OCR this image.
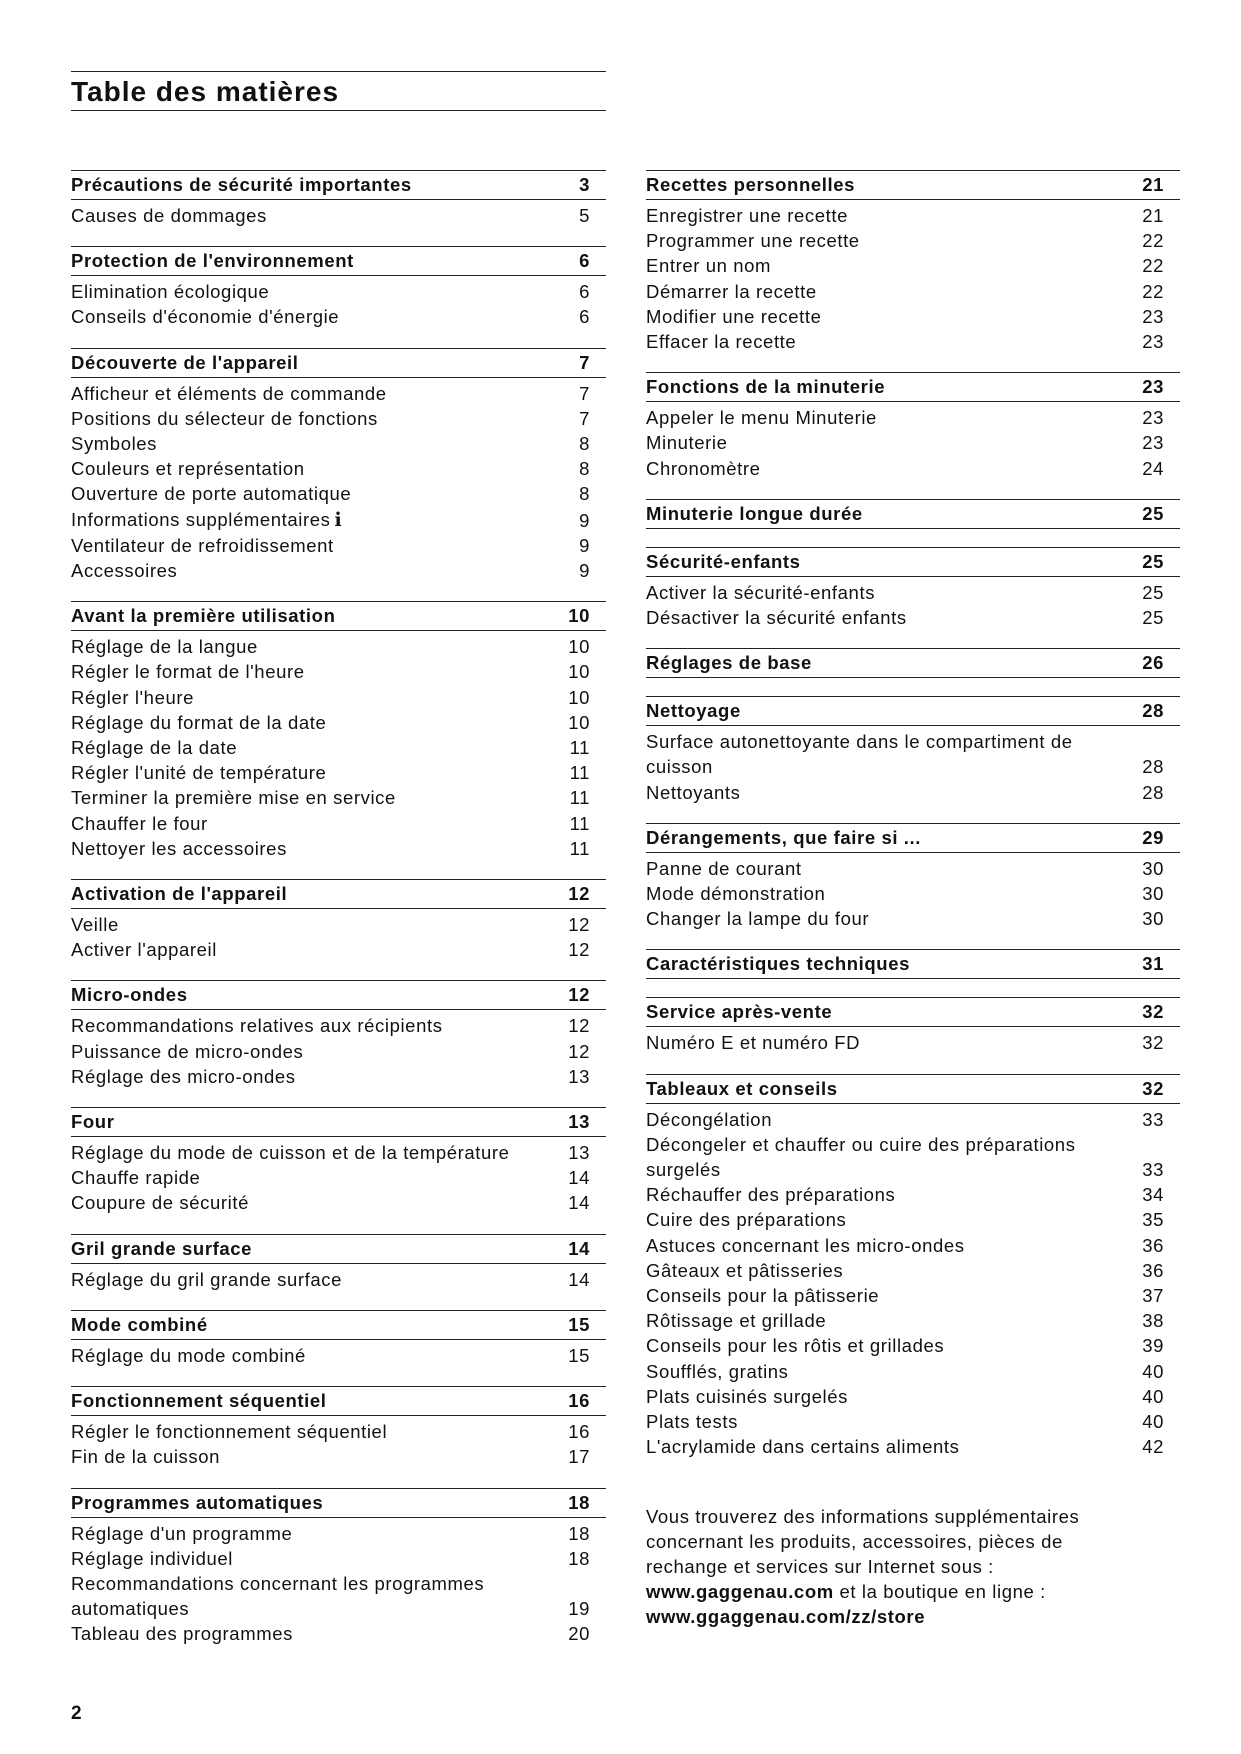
Table des matières
Précautions de sécurité importantes	3
Causes de dommages	5
Protection de l'environnement	6
Elimination écologique	6
Conseils d'économie d'énergie	6
Découverte de l'appareil	7
Afficheur et éléments de commande	7
Positions du sélecteur de fonctions	7
Symboles	8
Couleurs et représentation	8
Ouverture de porte automatique	8
Informations supplémentaires i	9
Ventilateur de refroidissement	9
Accessoires	9
Avant la première utilisation	10
Réglage de la langue	10
Régler le format de l'heure	10
Régler l'heure	10
Réglage du format de la date	10
Réglage de la date	11
Régler l'unité de température	11
Terminer la première mise en service	11
Chauffer le four	11
Nettoyer les accessoires	11
Activation de l'appareil	12
Veille	12
Activer l'appareil	12
Micro-ondes	12
Recommandations relatives aux récipients	12
Puissance de micro-ondes	12
Réglage des micro-ondes	13
Four	13
Réglage du mode de cuisson et de la température	13
Chauffe rapide	14
Coupure de sécurité	14
Gril grande surface	14
Réglage du gril grande surface	14
Mode combiné	15
Réglage du mode combiné	15
Fonctionnement séquentiel	16
Régler le fonctionnement séquentiel	16
Fin de la cuisson	17
Programmes automatiques	18
Réglage d'un programme	18
Réglage individuel	18
Recommandations concernant les programmes automatiques	19
Tableau des programmes	20
Recettes personnelles	21
Enregistrer une recette	21
Programmer une recette	22
Entrer un nom	22
Démarrer la recette	22
Modifier une recette	23
Effacer la recette	23
Fonctions de la minuterie	23
Appeler le menu Minuterie	23
Minuterie	23
Chronomètre	24
Minuterie longue durée	25
Sécurité-enfants	25
Activer la sécurité-enfants	25
Désactiver la sécurité enfants	25
Réglages de base	26
Nettoyage	28
Surface autonettoyante dans le compartiment de cuisson	28
Nettoyants	28
Dérangements, que faire si ...	29
Panne de courant	30
Mode démonstration	30
Changer la lampe du four	30
Caractéristiques techniques	31
Service après-vente	32
Numéro E et numéro FD	32
Tableaux et conseils	32
Décongélation	33
Décongeler et chauffer ou cuire des préparations surgelés	33
Réchauffer des préparations	34
Cuire des préparations	35
Astuces concernant les micro-ondes	36
Gâteaux et pâtisseries	36
Conseils pour la pâtisserie	37
Rôtissage et grillade	38
Conseils pour les rôtis et grillades	39
Soufflés, gratins	40
Plats cuisinés surgelés	40
Plats tests	40
L'acrylamide dans certains aliments	42
Vous trouverez des informations supplémentaires concernant les produits, accessoires, pièces de rechange et services sur Internet sous :
www.gaggenau.com et la boutique en ligne :
www.ggaggenau.com/zz/store
2
